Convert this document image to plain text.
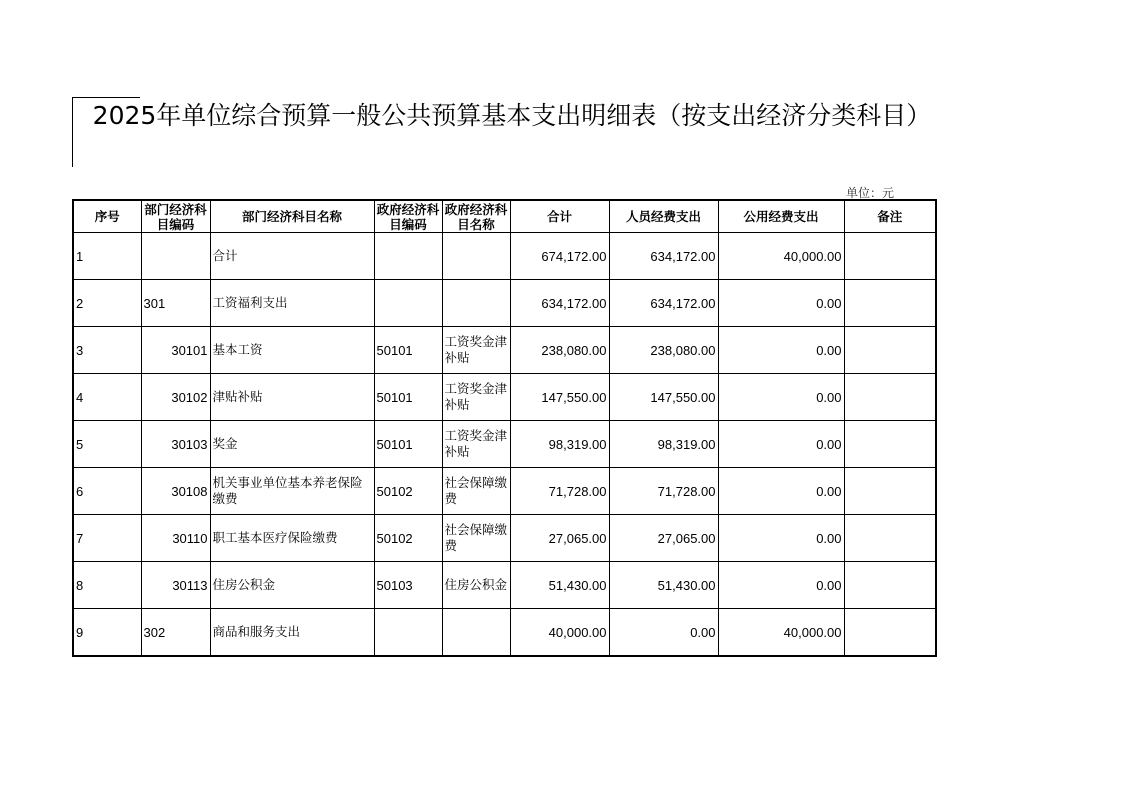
2025年单位综合预算一般公共预算基本支出明细表（按支出经济分类科目）
单位：元
序号	部门经济科目编码	部门经济科目名称	政府经济科目编码	政府经济科目名称	合计	人员经费支出	公用经费支出	备注
1		合计			674,172.00	634,172.00	40,000.00	
2	301	工资福利支出			634,172.00	634,172.00	0.00	
3	30101	基本工资	50101	工资奖金津补贴	238,080.00	238,080.00	0.00	
4	30102	津贴补贴	50101	工资奖金津补贴	147,550.00	147,550.00	0.00	
5	30103	奖金	50101	工资奖金津补贴	98,319.00	98,319.00	0.00	
6	30108	机关事业单位基本养老保险缴费	50102	社会保障缴费	71,728.00	71,728.00	0.00	
7	30110	职工基本医疗保险缴费	50102	社会保障缴费	27,065.00	27,065.00	0.00	
8	30113	住房公积金	50103	住房公积金	51,430.00	51,430.00	0.00	
9	302	商品和服务支出			40,000.00	0.00	40,000.00	
